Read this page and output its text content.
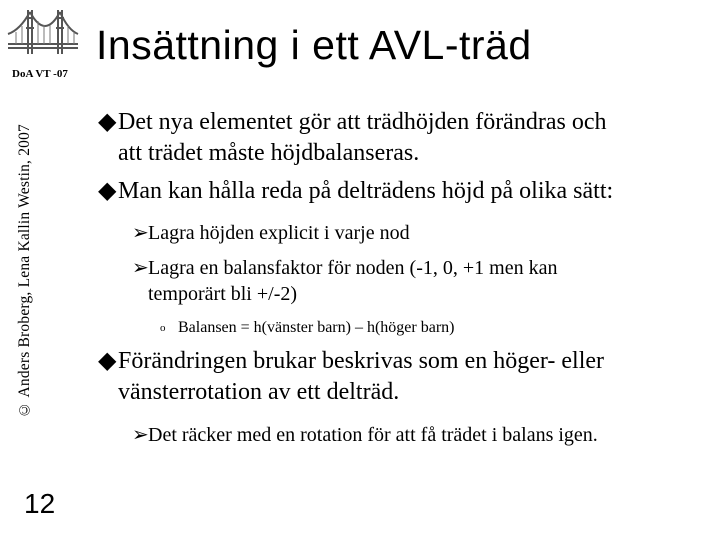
DoA VT -07
© Anders Broberg, Lena Kallin Westin, 2007
12
Insättning i ett AVL-träd
◆ Det nya elementet gör att trädhöjden förändras och
att trädet måste höjdbalanseras.
◆ Man kan hålla reda på delträdens höjd på olika sätt:
➢ Lagra höjden explicit i varje nod
➢ Lagra en balansfaktor för noden (-1, 0, +1 men kan
temporärt bli +/-2)
o Balansen = h(vänster barn) – h(höger barn)
◆ Förändringen brukar beskrivas som en höger- eller
vänsterrotation av ett delträd.
➢ Det räcker med en rotation för att få trädet i balans igen.
